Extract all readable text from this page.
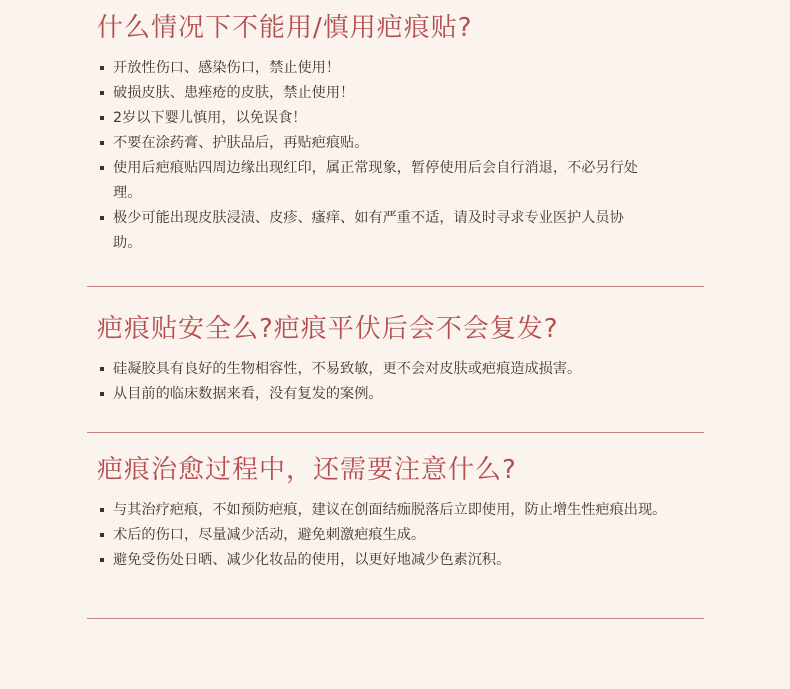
什么情况下不能用/慎用疤痕贴?
开放性伤口、感染伤口，禁止使用！
破损皮肤、患痤疮的皮肤，禁止使用！
2岁以下婴儿慎用，以免误食！
不要在涂药膏、护肤品后，再贴疤痕贴。
使用后疤痕贴四周边缘出现红印，属正常现象，暂停使用后会自行消退，不必另行处理。
极少可能出现皮肤浸渍、皮疹、瘙痒、如有严重不适，请及时寻求专业医护人员协助。
疤痕贴安全么?疤痕平伏后会不会复发?
硅凝胶具有良好的生物相容性，不易致敏，更不会对皮肤或疤痕造成损害。
从目前的临床数据来看，没有复发的案例。
疤痕治愈过程中，还需要注意什么?
与其治疗疤痕，不如预防疤痕，建议在创面结痂脱落后立即使用，防止增生性疤痕出现。
术后的伤口，尽量减少活动，避免刺激疤痕生成。
避免受伤处日晒、减少化妆品的使用，以更好地减少色素沉积。
